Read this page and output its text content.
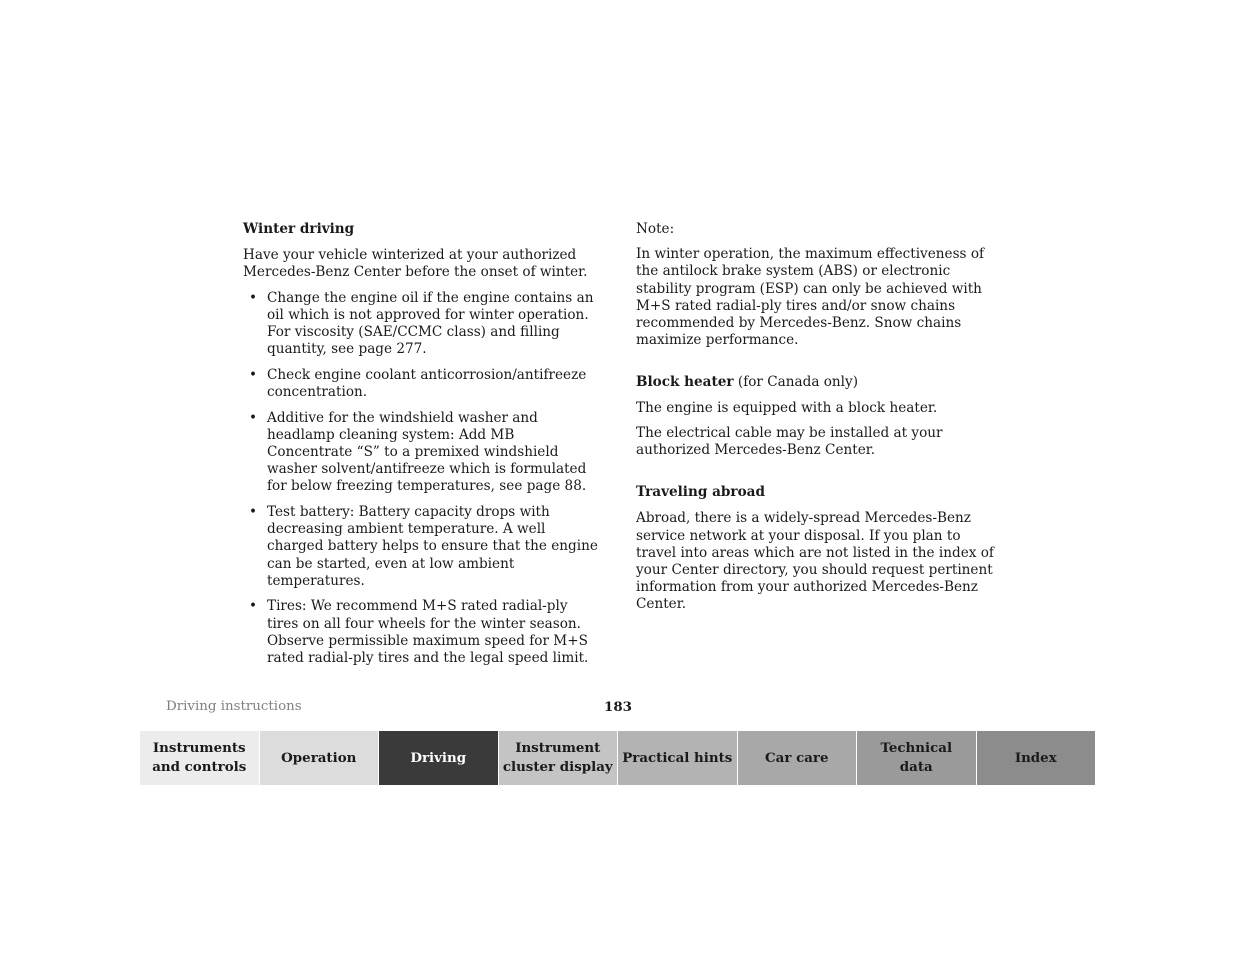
Winter driving
Have your vehicle winterized at your authorized Mercedes-Benz Center before the onset of winter.
• Change the engine oil if the engine contains an oil which is not approved for winter operation. For viscosity (SAE/CCMC class) and filling quantity, see page 277.
• Check engine coolant anticorrosion/antifreeze concentration.
• Additive for the windshield washer and headlamp cleaning system: Add MB Concentrate “S” to a premixed windshield washer solvent/antifreeze which is formulated for below freezing temperatures, see page 88.
• Test battery: Battery capacity drops with decreasing ambient temperature. A well charged battery helps to ensure that the engine can be started, even at low ambient temperatures.
• Tires: We recommend M+S rated radial-ply tires on all four wheels for the winter season. Observe permissible maximum speed for M+S rated radial-ply tires and the legal speed limit.
Note:
In winter operation, the maximum effectiveness of the antilock brake system (ABS) or electronic stability program (ESP) can only be achieved with M+S rated radial-ply tires and/or snow chains recommended by Mercedes-Benz. Snow chains maximize performance.
Block heater (for Canada only)
The engine is equipped with a block heater.
The electrical cable may be installed at your authorized Mercedes-Benz Center.
Traveling abroad
Abroad, there is a widely-spread Mercedes-Benz service network at your disposal. If you plan to travel into areas which are not listed in the index of your Center directory, you should request pertinent information from your authorized Mercedes-Benz Center.
Driving instructions	183
Instruments
and controls
Operation	Driving
Instrument
cluster display
Practical hints	Car care
Technical
data
Index
